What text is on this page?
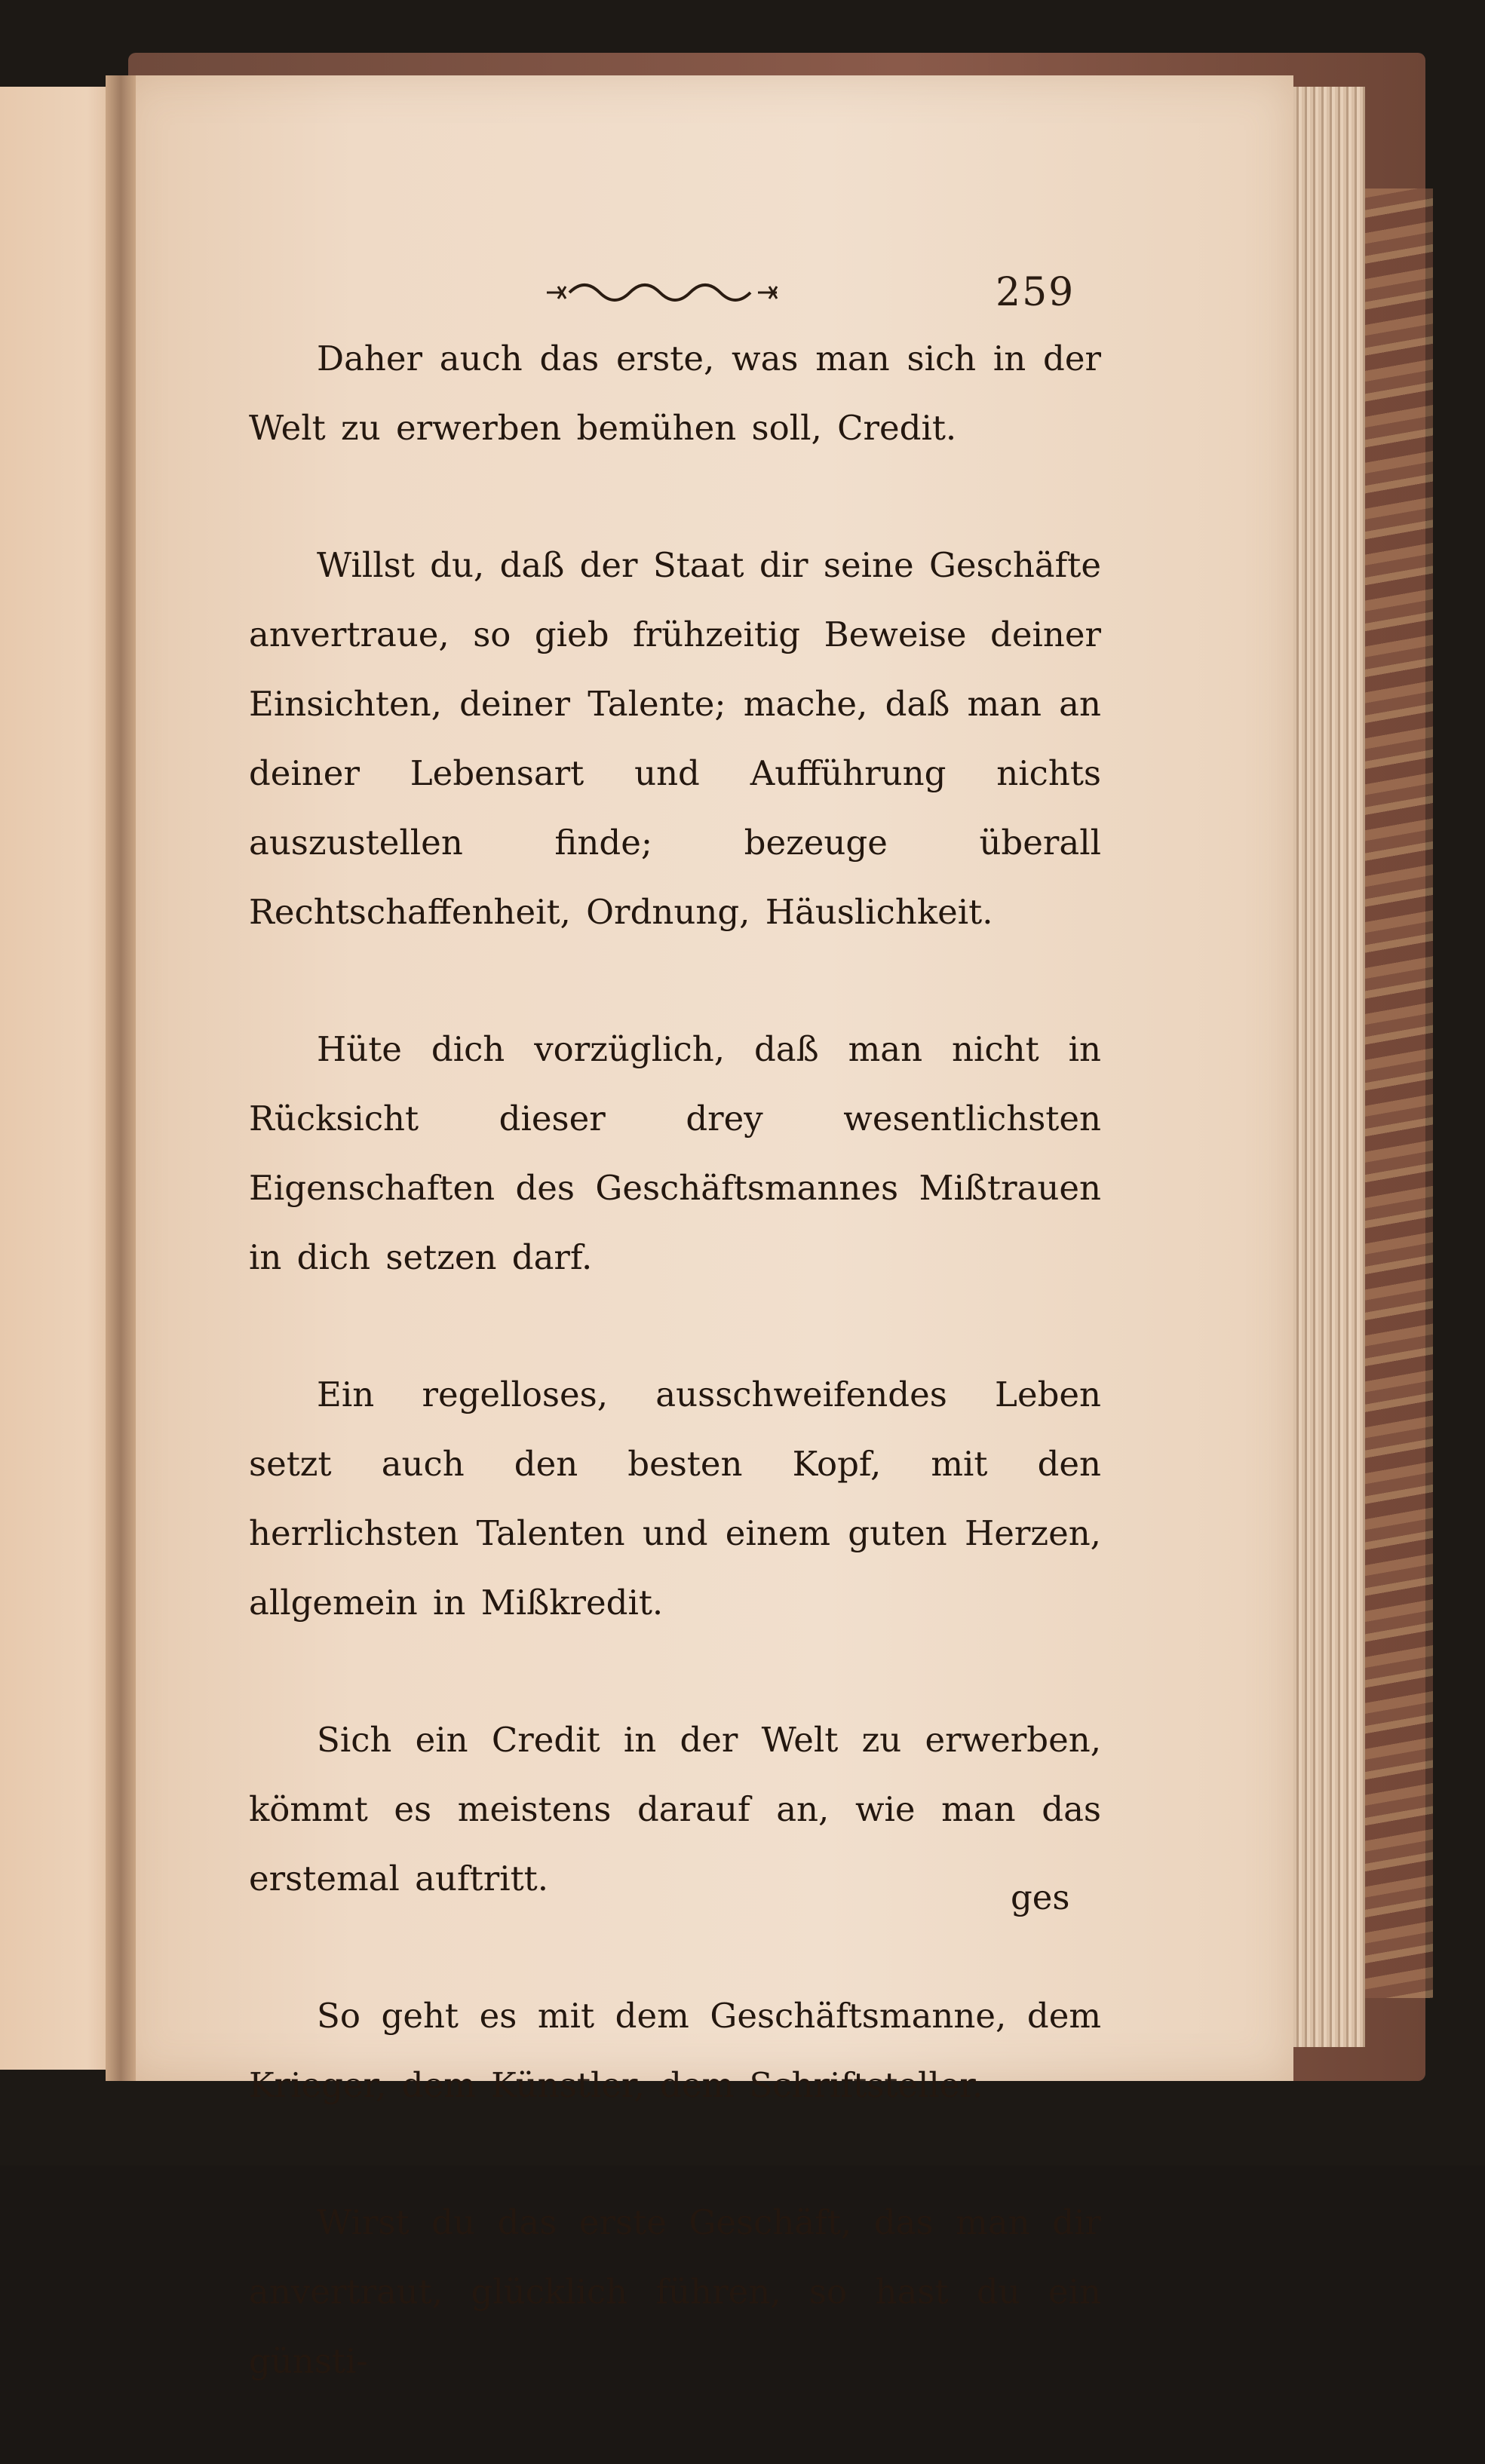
259

Daher auch das erste, was man sich in der Welt zu erwerben bemühen soll, Credit.

Willst du, daß der Staat dir seine Geschäfte anvertraue, so gieb frühzeitig Beweise deiner Einsichten, deiner Talente; mache, daß man an deiner Lebensart und Aufführung nichts auszustellen finde; bezeuge überall Rechtschaffenheit, Ordnung, Häuslichkeit.

Hüte dich vorzüglich, daß man nicht in Rücksicht dieser drey wesentlichsten Eigenschaften des Geschäftsmannes Mißtrauen in dich setzen darf.

Ein regelloses, ausschweifendes Leben setzt auch den besten Kopf, mit den herrlichsten Talenten und einem guten Herzen, allgemein in Mißkredit.

Sich ein Credit in der Welt zu erwerben, kömmt es meistens darauf an, wie man das erstemal auftritt.

So geht es mit dem Geschäftsmanne, dem Krieger, dem Künstler, dem Schriftsteller.

Wirst du das erste Geschäft, das man dir anvertraut, glücklich führen, so hast du ein günsti-

ges
